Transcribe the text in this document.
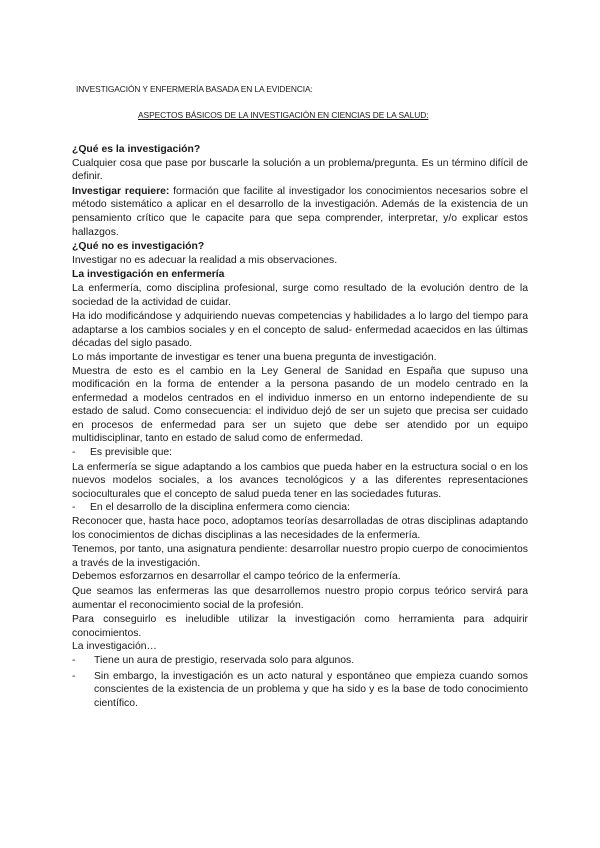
INVESTIGACIÓN Y ENFERMERÍA BASADA EN LA EVIDENCIA:
ASPECTOS BÁSICOS DE LA INVESTIGACIÓN EN CIENCIAS DE LA SALUD:

¿Qué es la investigación?

Cualquier cosa que pase por buscarle la solución a un problema/pregunta. Es un término difícil de definir.

Investigar requiere: formación que facilite al investigador los conocimientos necesarios sobre el método sistemático a aplicar en el desarrollo de la investigación. Además de la existencia de un pensamiento crítico que le capacite para que sepa comprender, interpretar, y/o explicar estos hallazgos.

¿Qué no es investigación?

Investigar no es adecuar la realidad a mis observaciones.

La investigación en enfermería

La enfermería, como disciplina profesional, surge como resultado de la evolución dentro de la sociedad de la actividad de cuidar.

Ha ido modificándose y adquiriendo nuevas competencias y habilidades a lo largo del tiempo para adaptarse a los cambios sociales y en el concepto de salud- enfermedad acaecidos en las últimas décadas del siglo pasado.

Lo más importante de investigar es tener una buena pregunta de investigación.

Muestra de esto es el cambio en la Ley General de Sanidad en España que supuso una modificación en la forma de entender a la persona pasando de un modelo centrado en la enfermedad a modelos centrados en el individuo inmerso en un entorno independiente de su estado de salud. Como consecuencia: el individuo dejó de ser un sujeto que precisa ser cuidado en procesos de enfermedad para ser un sujeto que debe ser atendido por un equipo multidisciplinar, tanto en estado de salud como de enfermedad.

-	Es previsible que:

La enfermería se sigue adaptando a los cambios que pueda haber en la estructura social o en los nuevos modelos sociales, a los avances tecnológicos y a las diferentes representaciones socioculturales que el concepto de salud pueda tener en las sociedades futuras.

-	En el desarrollo de la disciplina enfermera como ciencia:

Reconocer que, hasta hace poco, adoptamos teorías desarrolladas de otras disciplinas adaptando los conocimientos de dichas disciplinas a las necesidades de la enfermería.

Tenemos, por tanto, una asignatura pendiente: desarrollar nuestro propio cuerpo de conocimientos a través de la investigación.

Debemos esforzarnos en desarrollar el campo teórico de la enfermería.

Que seamos las enfermeras las que desarrollemos nuestro propio corpus teórico servirá para aumentar el reconocimiento social de la profesión.

Para conseguirlo es ineludible utilizar la investigación como herramienta para adquirir conocimientos.

La investigación…

-	Tiene un aura de prestigio, reservada solo para algunos.
-	Sin embargo, la investigación es un acto natural y espontáneo que empieza cuando somos conscientes de la existencia de un problema y que ha sido y es la base de todo conocimiento científico.
